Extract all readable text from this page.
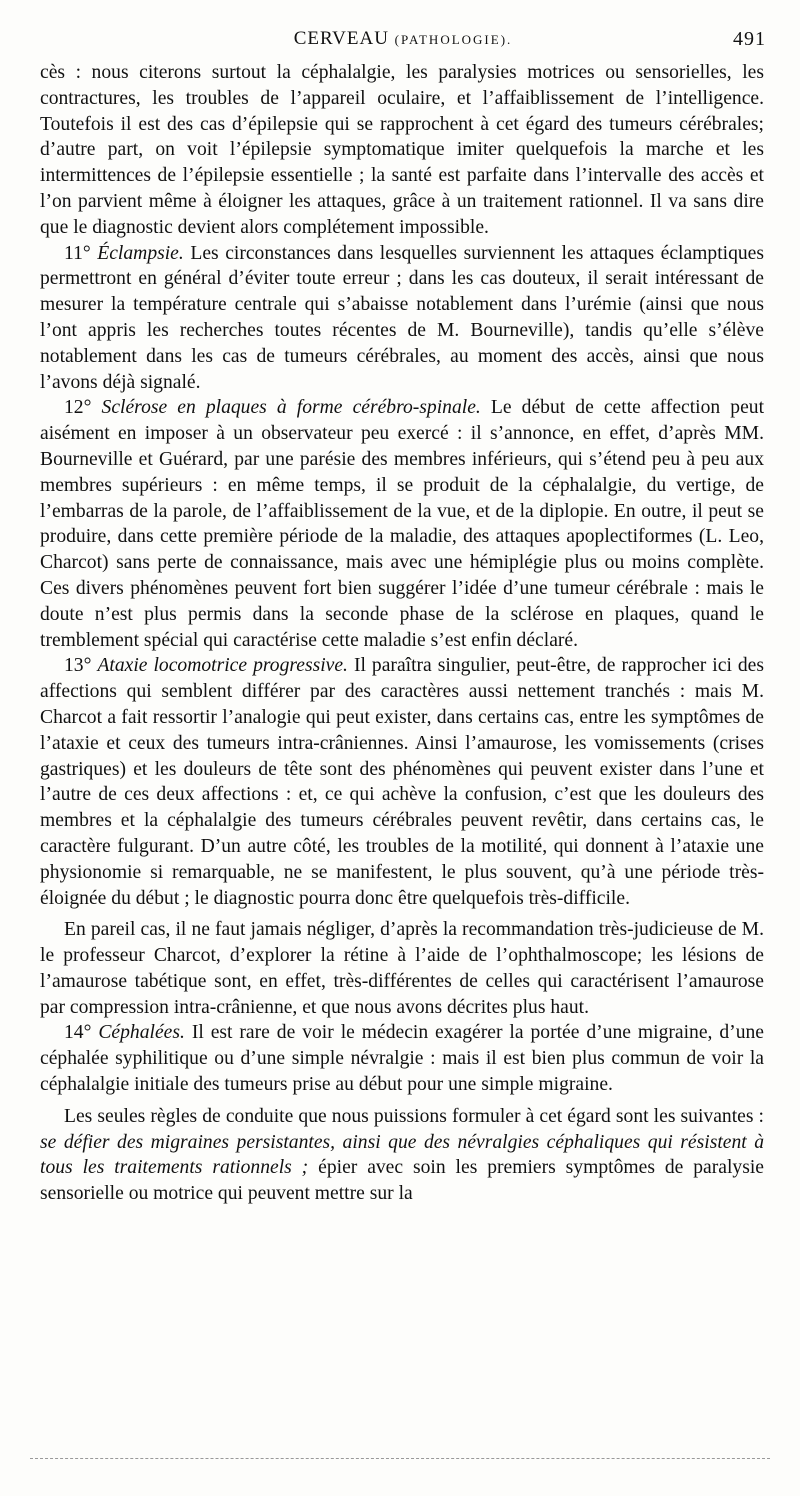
CERVEAU (PATHOLOGIE).	491

cès : nous citerons surtout la céphalalgie, les paralysies motrices ou sensorielles, les contractures, les troubles de l’appareil oculaire, et l’affaiblissement de l’intelligence. Toutefois il est des cas d’épilepsie qui se rapprochent à cet égard des tumeurs cérébrales; d’autre part, on voit l’épilepsie symptomatique imiter quelquefois la marche et les intermittences de l’épilepsie essentielle ; la santé est parfaite dans l’intervalle des accès et l’on parvient même à éloigner les attaques, grâce à un traitement rationnel. Il va sans dire que le diagnostic devient alors complétement impossible.

11° Éclampsie. Les circonstances dans lesquelles surviennent les attaques éclamptiques permettront en général d’éviter toute erreur ; dans les cas douteux, il serait intéressant de mesurer la température centrale qui s’abaisse notablement dans l’urémie (ainsi que nous l’ont appris les recherches toutes récentes de M. Bourneville), tandis qu’elle s’élève notablement dans les cas de tumeurs cérébrales, au moment des accès, ainsi que nous l’avons déjà signalé.

12° Sclérose en plaques à forme cérébro-spinale. Le début de cette affection peut aisément en imposer à un observateur peu exercé : il s’annonce, en effet, d’après MM. Bourneville et Guérard, par une parésie des membres inférieurs, qui s’étend peu à peu aux membres supérieurs : en même temps, il se produit de la céphalalgie, du vertige, de l’embarras de la parole, de l’affaiblissement de la vue, et de la diplopie. En outre, il peut se produire, dans cette première période de la maladie, des attaques apoplectiformes (L. Leo, Charcot) sans perte de connaissance, mais avec une hémiplégie plus ou moins complète. Ces divers phénomènes peuvent fort bien suggérer l’idée d’une tumeur cérébrale : mais le doute n’est plus permis dans la seconde phase de la sclérose en plaques, quand le tremblement spécial qui caractérise cette maladie s’est enfin déclaré.

13° Ataxie locomotrice progressive. Il paraîtra singulier, peut-être, de rapprocher ici des affections qui semblent différer par des caractères aussi nettement tranchés : mais M. Charcot a fait ressortir l’analogie qui peut exister, dans certains cas, entre les symptômes de l’ataxie et ceux des tumeurs intra-crâniennes. Ainsi l’amaurose, les vomissements (crises gastriques) et les douleurs de tête sont des phénomènes qui peuvent exister dans l’une et l’autre de ces deux affections : et, ce qui achève la confusion, c’est que les douleurs des membres et la céphalalgie des tumeurs cérébrales peuvent revêtir, dans certains cas, le caractère fulgurant. D’un autre côté, les troubles de la motilité, qui donnent à l’ataxie une physionomie si remarquable, ne se manifestent, le plus souvent, qu’à une période très-éloignée du début ; le diagnostic pourra donc être quelquefois très-difficile.

En pareil cas, il ne faut jamais négliger, d’après la recommandation très-judicieuse de M. le professeur Charcot, d’explorer la rétine à l’aide de l’ophthalmoscope; les lésions de l’amaurose tabétique sont, en effet, très-différentes de celles qui caractérisent l’amaurose par compression intra-crânienne, et que nous avons décrites plus haut.

14° Céphalées. Il est rare de voir le médecin exagérer la portée d’une migraine, d’une céphalée syphilitique ou d’une simple névralgie : mais il est bien plus commun de voir la céphalalgie initiale des tumeurs prise au début pour une simple migraine.

Les seules règles de conduite que nous puissions formuler à cet égard sont les suivantes : se défier des migraines persistantes, ainsi que des névralgies céphaliques qui résistent à tous les traitements rationnels ; épier avec soin les premiers symptômes de paralysie sensorielle ou motrice qui peuvent mettre sur la
